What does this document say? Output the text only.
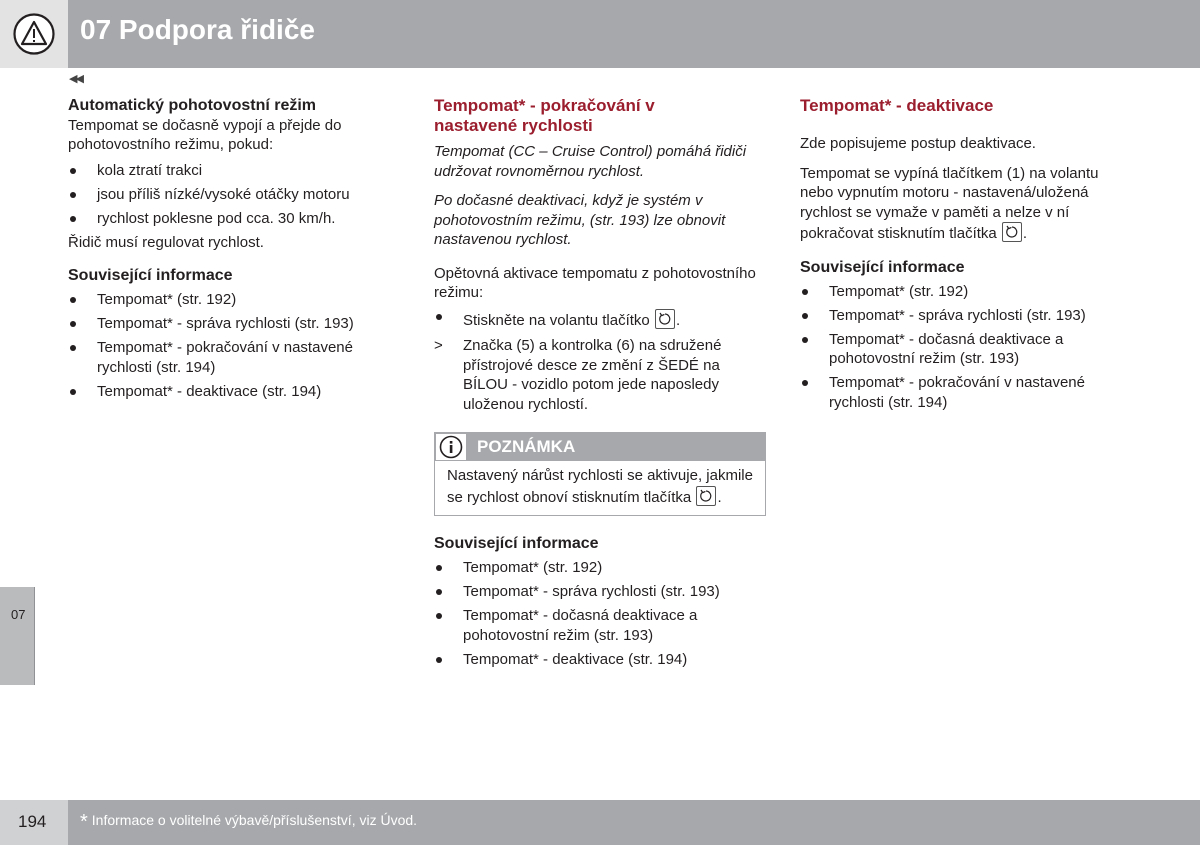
07 Podpora řidiče
◀◀
07

Automatický pohotovostní režim

Tempomat se dočasně vypojí a přejde do pohotovostního režimu, pokud:

kola ztratí trakci
jsou příliš nízké/vysoké otáčky motoru
rychlost poklesne pod cca. 30 km/h.

Řidič musí regulovat rychlost.

Související informace

Tempomat* (str. 192)
Tempomat* - správa rychlosti (str. 193)
Tempomat* - pokračování v nastavené rychlosti (str. 194)
Tempomat* - deaktivace (str. 194)

Tempomat* - pokračování v nastavené rychlosti

Tempomat (CC – Cruise Control) pomáhá řidiči udržovat rovnoměrnou rychlost.

Po dočasné deaktivaci, když je systém v pohotovostním režimu, (str. 193) lze obnovit nastavenou rychlost.

Opětovná aktivace tempomatu z pohotovostního režimu:

Stiskněte na volantu tlačítko .
>	Značka (5) a kontrolka (6) na sdružené přístrojové desce ze změní z ŠEDÉ na BÍLOU - vozidlo potom jede naposledy uloženou rychlostí.
POZNÁMKA
Nastavený nárůst rychlosti se aktivuje, jakmile se rychlost obnoví stisknutím tlačítka .

Související informace

Tempomat* (str. 192)
Tempomat* - správa rychlosti (str. 193)
Tempomat* - dočasná deaktivace a pohotovostní režim (str. 193)
Tempomat* - deaktivace (str. 194)

Tempomat* - deaktivace

Zde popisujeme postup deaktivace.

Tempomat se vypíná tlačítkem (1) na volantu nebo vypnutím motoru - nastavená/uložená rychlost se vymaže v paměti a nelze v ní pokračovat stisknutím tlačítka .

Související informace

Tempomat* (str. 192)
Tempomat* - správa rychlosti (str. 193)
Tempomat* - dočasná deaktivace a pohotovostní režim (str. 193)
Tempomat* - pokračování v nastavené rychlosti (str. 194)
194 * Informace o volitelné výbavě/příslušenství, viz Úvod.
